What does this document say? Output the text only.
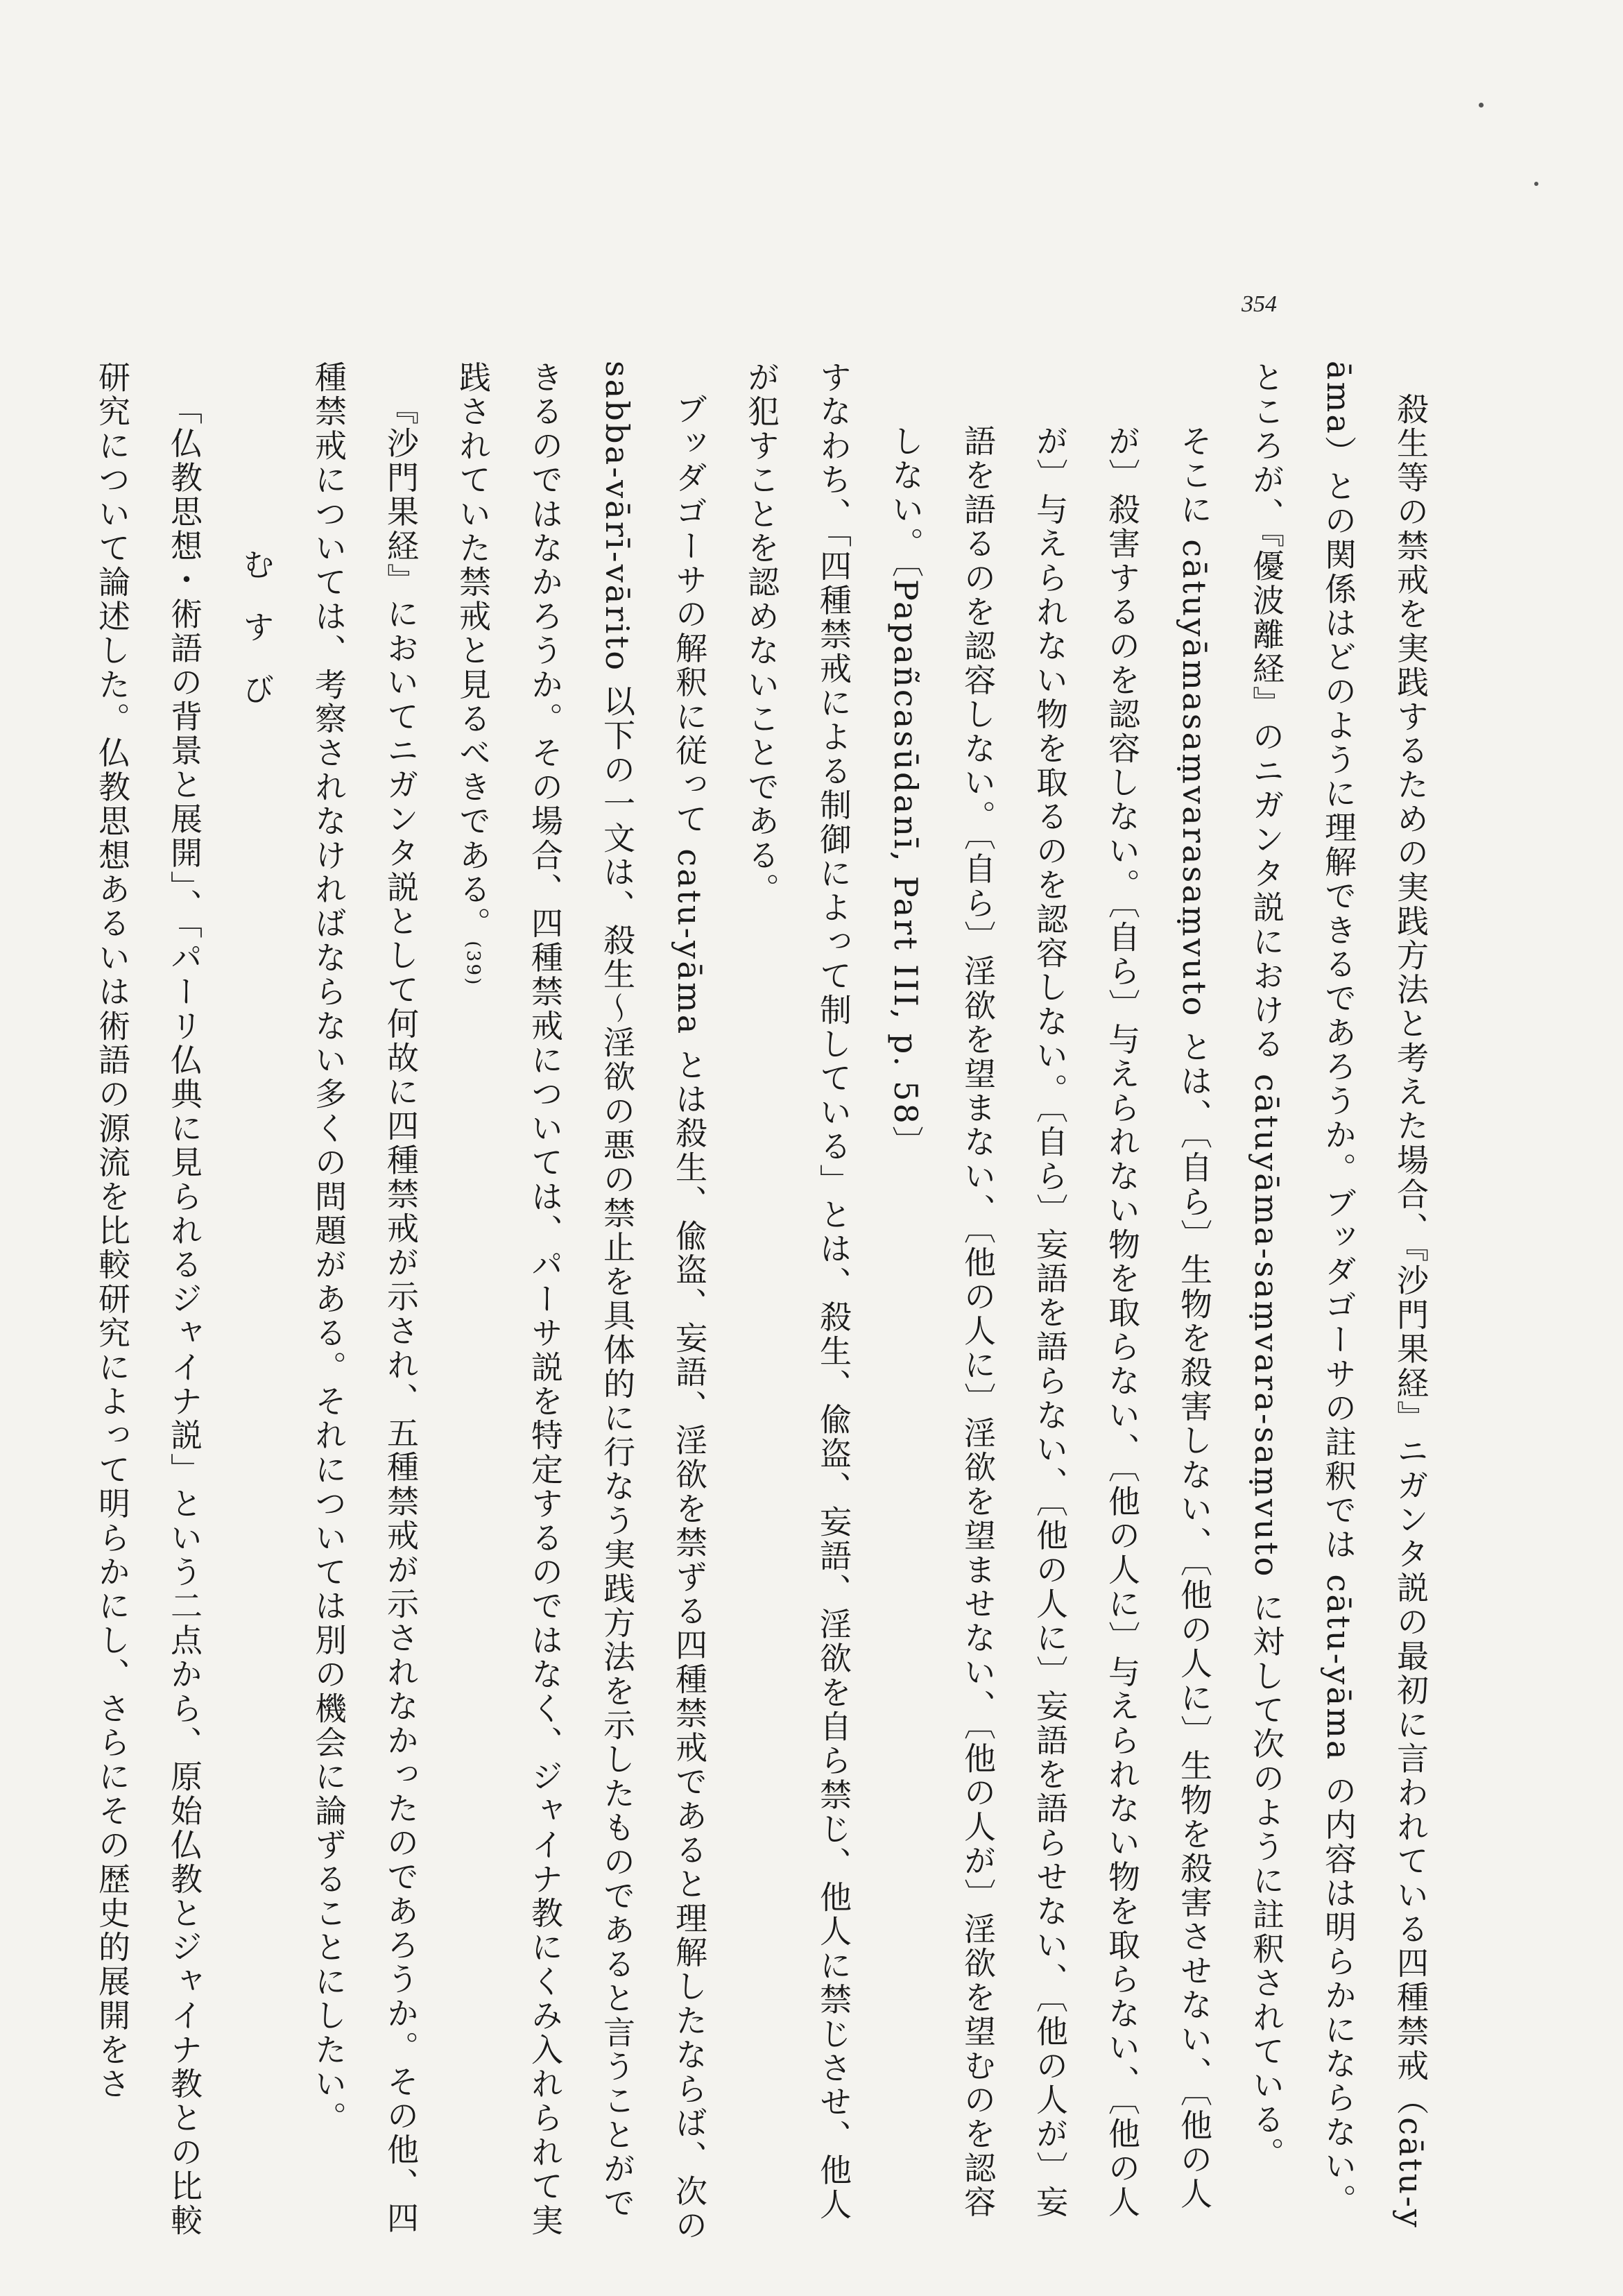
354

殺生等の禁戒を実践するための実践方法と考えた場合、『沙門果経』ニガンタ説の最初に言われている四種禁戒（cātu-yāma）との関係はどのように理解できるであろうか。ブッダゴーサの註釈では cātu-yāma の内容は明らかにならない。ところが、『優波離経』のニガンタ説における cātuyāma-saṃvara-saṃvuto に対して次のように註釈されている。

そこに cātuyāmasaṃvarasaṃvuto とは、〔自ら〕生物を殺害しない、〔他の人に〕生物を殺害させない、〔他の人が〕殺害するのを認容しない。〔自ら〕与えられない物を取らない、〔他の人に〕与えられない物を取らない、〔他の人が〕与えられない物を取るのを認容しない。〔自ら〕妄語を語らない、〔他の人に〕妄語を語らせない、〔他の人が〕妄語を語るのを認容しない。〔自ら〕淫欲を望まない、〔他の人に〕淫欲を望ませない、〔他の人が〕淫欲を望むのを認容しない。〔Papañcasūdanī, Part III, p. 58〕

すなわち、「四種禁戒による制御によって制している」とは、殺生、偸盗、妄語、淫欲を自ら禁じ、他人に禁じさせ、他人が犯すことを認めないことである。

ブッダゴーサの解釈に従って catu-yāma とは殺生、偸盗、妄語、淫欲を禁ずる四種禁戒であると理解したならば、次の sabba-vārī-vārito 以下の一文は、殺生〜淫欲の悪の禁止を具体的に行なう実践方法を示したものであると言うことができるのではなかろうか。その場合、四種禁戒については、パーサ説を特定するのではなく、ジャイナ教にくみ入れられて実践されていた禁戒と見るべきである。(39)

『沙門果経』においてニガンタ説として何故に四種禁戒が示され、五種禁戒が示されなかったのであろうか。その他、四種禁戒については、考察されなければならない多くの問題がある。それについては別の機会に論ずることにしたい。

むすび

「仏教思想・術語の背景と展開」、「パーリ仏典に見られるジャイナ説」という二点から、原始仏教とジャイナ教との比較研究について論述した。仏教思想あるいは術語の源流を比較研究によって明らかにし、さらにその歴史的展開をさ
